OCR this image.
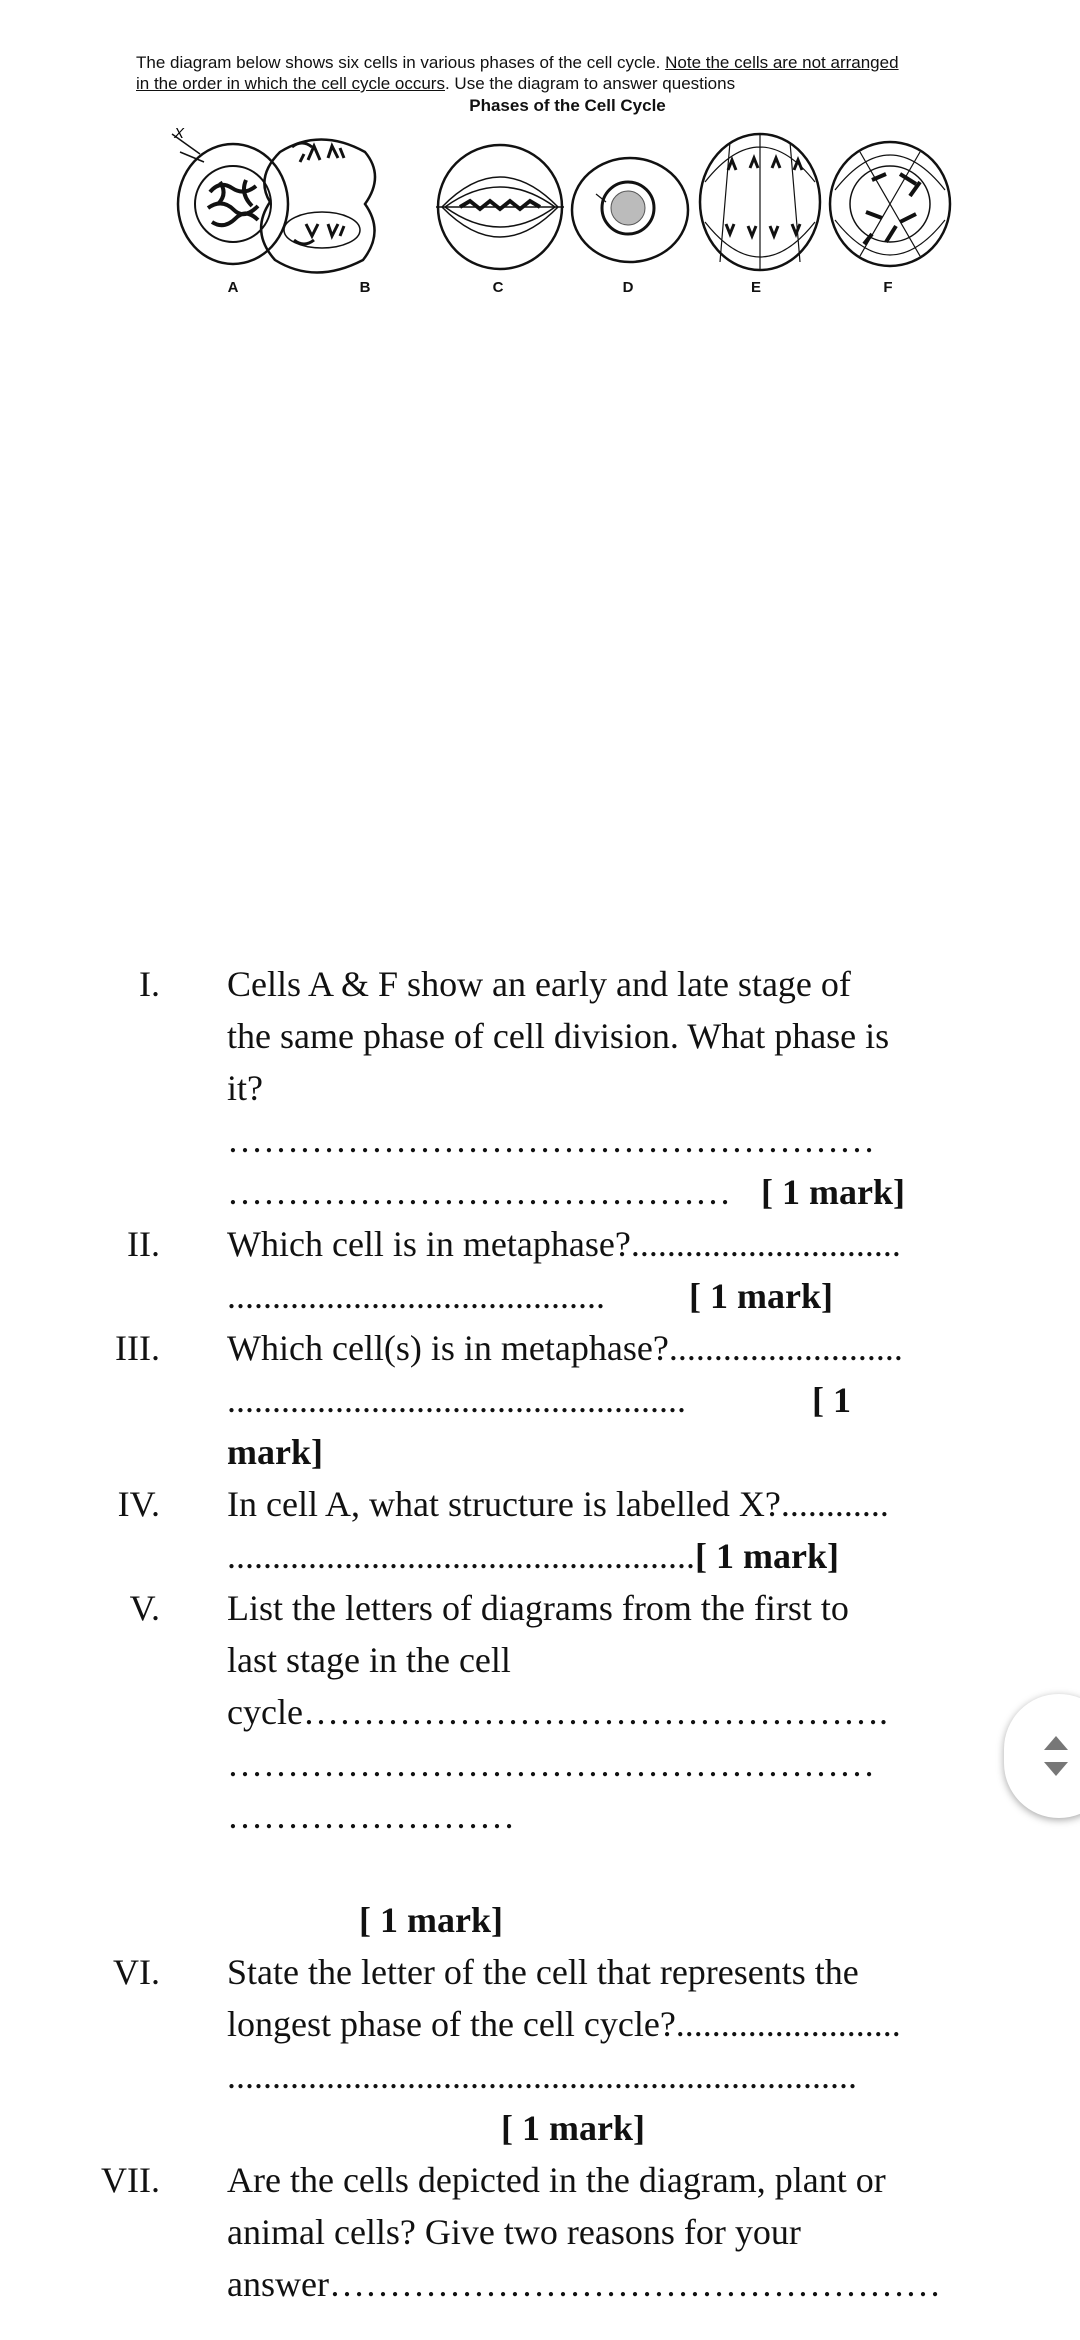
The diagram below shows six cells in various phases of the cell cycle. Note the cells are not arranged
in the order in which the cell cycle occurs. Use the diagram to answer questions
Phases of the Cell Cycle
X
A	B	C	D	E	F
I. Cells A & F show an early and late stage of
the same phase of cell division. What phase is
it?
………………………………………………
…………………………………… [ 1 mark]
II. Which cell is in metaphase?..............................
.......................................... [ 1 mark]
III. Which cell(s) is in metaphase?..........................
...................................................	[ 1
mark]
IV. In cell A, what structure is labelled X?............
....................................................[ 1 mark]
V. List the letters of diagrams from the first to
last stage in the cell
cycle………………………………………….
………………………………………………
……………………

[ 1 mark]
VI. State the letter of the cell that represents the
longest phase of the cell cycle?.........................
......................................................................
[ 1 mark]
VII. Are the cells depicted in the diagram, plant or
animal cells? Give two reasons for your
answer……………………………………………
